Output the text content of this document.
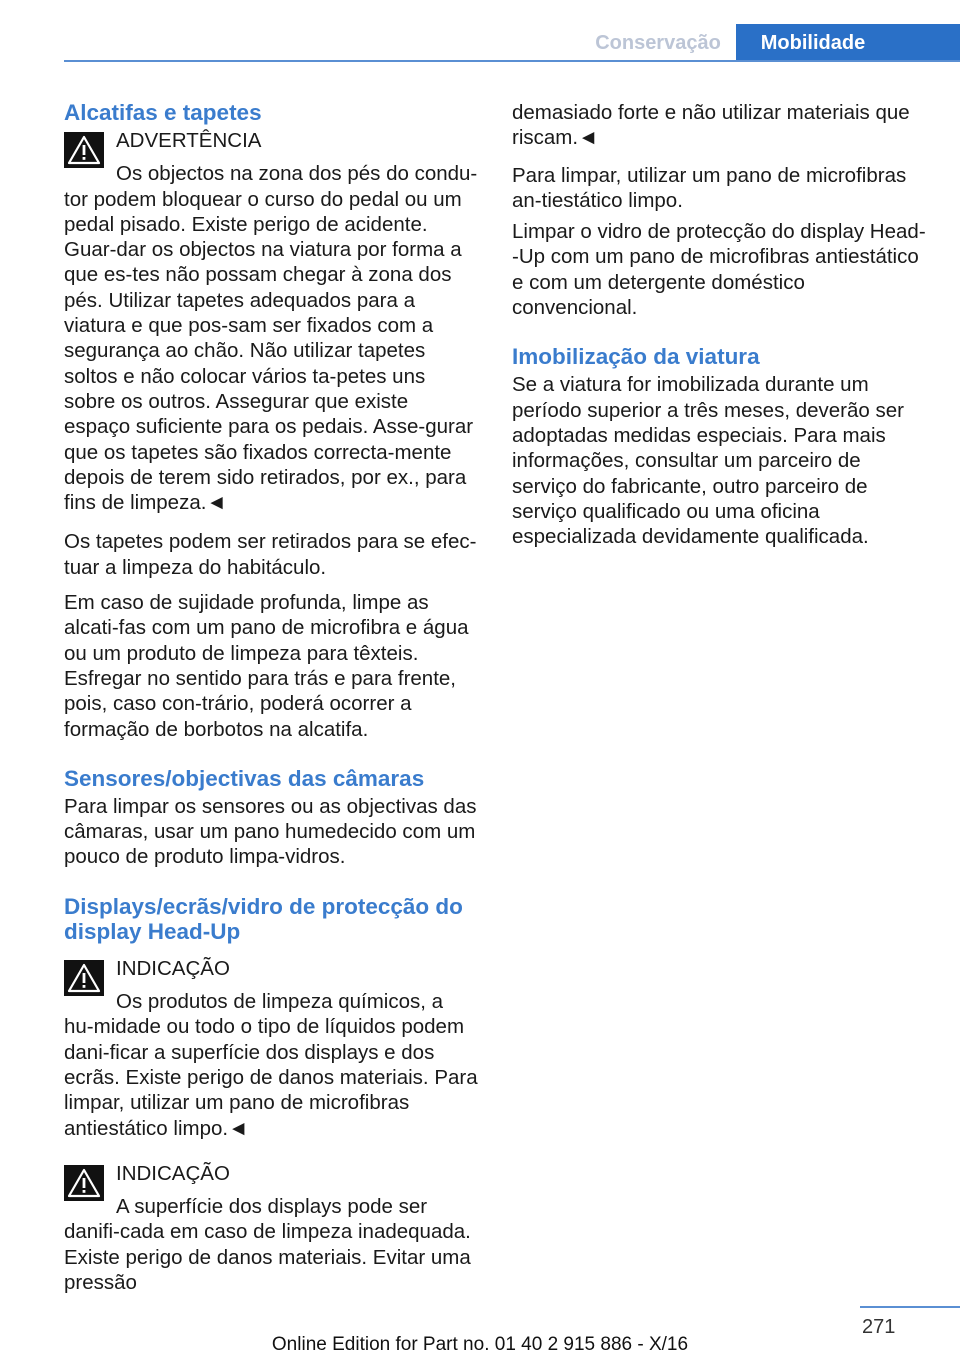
Conservação	Mobilidade
Alcatifas e tapetes
ADVERTÊNCIA
Os objectos na zona dos pés do condu-tor podem bloquear o curso do pedal ou um pedal pisado. Existe perigo de acidente. Guar-dar os objectos na viatura por forma a que es-tes não possam chegar à zona dos pés. Utilizar tapetes adequados para a viatura e que pos-sam ser fixados com a segurança ao chão. Não utilizar tapetes soltos e não colocar vários ta-petes uns sobre os outros. Assegurar que existe espaço suficiente para os pedais. Asse-gurar que os tapetes são fixados correcta-mente depois de terem sido retirados, por ex., para fins de limpeza.◄

Os tapetes podem ser retirados para se efec-tuar a limpeza do habitáculo.

Em caso de sujidade profunda, limpe as alcati-fas com um pano de microfibra e água ou um produto de limpeza para têxteis. Esfregar no sentido para trás e para frente, pois, caso con-trário, poderá ocorrer a formação de borbotos na alcatifa.

Sensores/objectivas das câmaras

Para limpar os sensores ou as objectivas das câmaras, usar um pano humedecido com um pouco de produto limpa-vidros.

Displays/ecrãs/vidro de protecção do display Head-Up
INDICAÇÃO
Os produtos de limpeza químicos, a hu-midade ou todo o tipo de líquidos podem dani-ficar a superfície dos displays e dos ecrãs. Existe perigo de danos materiais. Para limpar, utilizar um pano de microfibras antiestático limpo.◄
INDICAÇÃO
A superfície dos displays pode ser danifi-cada em caso de limpeza inadequada. Existe perigo de danos materiais. Evitar uma pressão

demasiado forte e não utilizar materiais que riscam.◄

Para limpar, utilizar um pano de microfibras an-tiestático limpo.

Limpar o vidro de protecção do display Head--Up com um pano de microfibras antiestático e com um detergente doméstico convencional.

Imobilização da viatura

Se a viatura for imobilizada durante um período superior a três meses, deverão ser adoptadas medidas especiais. Para mais informações, consultar um parceiro de serviço do fabricante, outro parceiro de serviço qualificado ou uma oficina especializada devidamente qualificada.

271
Online Edition for Part no. 01 40 2 915 886 - X/16
